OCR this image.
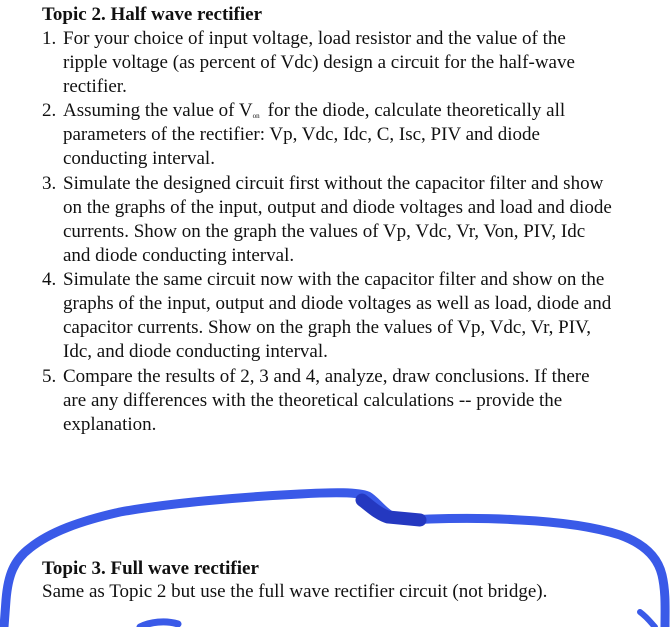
Topic 2. Half wave rectifier
1. For your choice of input voltage, load resistor and the value of the
ripple voltage (as percent of Vdc) design a circuit for the half-wave
rectifier.
2. Assuming the value of $V_{on}$ for the diode, calculate theoretically all
parameters of the rectifier: Vp, Vdc, Idc, C, Isc, PIV and diode
conducting interval.
3. Simulate the designed circuit first without the capacitor filter and show
on the graphs of the input, output and diode voltages and load and diode
currents. Show on the graph the values of Vp, Vdc, Vr, Von, PIV, Idc
and diode conducting interval.
4. Simulate the same circuit now with the capacitor filter and show on the
graphs of the input, output and diode voltages as well as load, diode and
capacitor currents. Show on the graph the values of Vp, Vdc, Vr, PIV,
Idc, and diode conducting interval.
5. Compare the results of 2, 3 and 4, analyze, draw conclusions. If there
are any differences with the theoretical calculations -- provide the
explanation.
Topic 3. Full wave rectifier
Same as Topic 2 but use the full wave rectifier circuit (not bridge).
